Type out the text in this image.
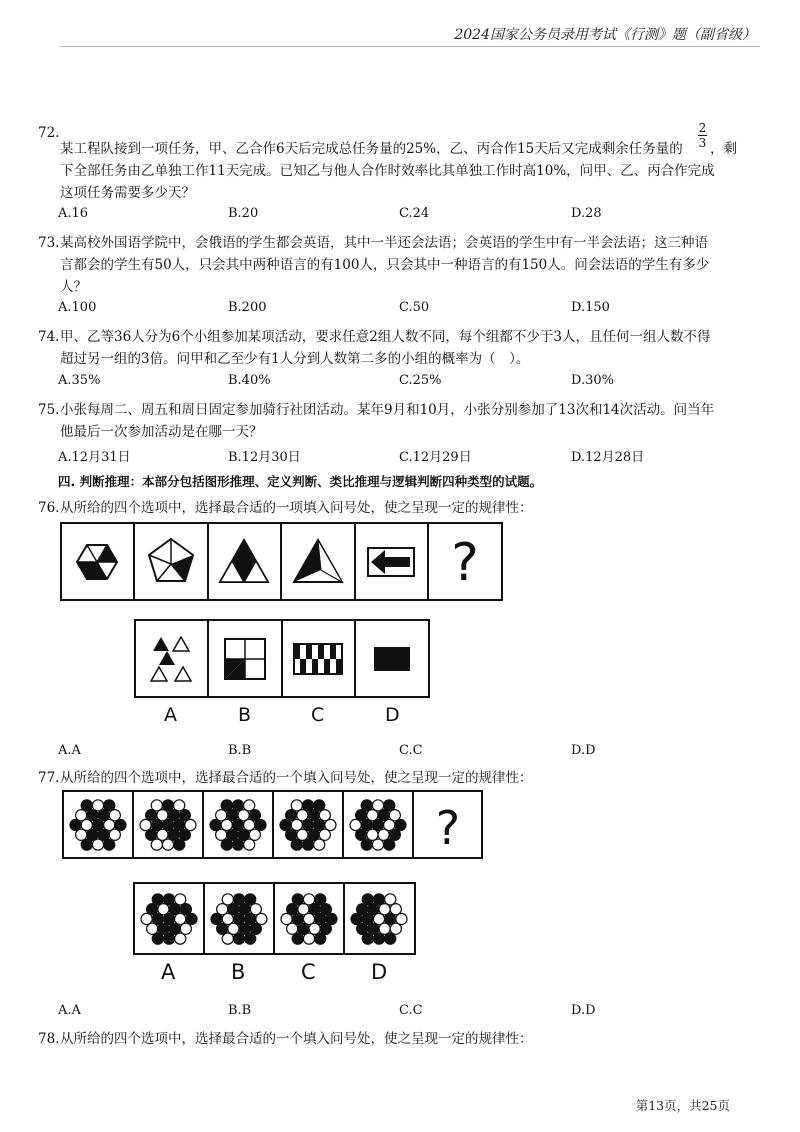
2024国家公务员录用考试《行测》题（副省级）
72.
某工程队接到一项任务，甲、乙合作6天后完成总任务量的25%，乙、丙合作15天后又完成剩余任务量的
2
3 ，剩
下全部任务由乙单独工作11天完成。已知乙与他人合作时效率比其单独工作时高10%，问甲、乙、丙合作完成
这项任务需要多少天？
A.16	B.20	C.24	D.28
73. 某高校外国语学院中，会俄语的学生都会英语，其中一半还会法语；会英语的学生中有一半会法语；这三种语
言都会的学生有50人，只会其中两种语言的有100人，只会其中一种语言的有150人。问会法语的学生有多少
人？
A.100	B.200	C.50	D.150
74. 甲、乙等36人分为6个小组参加某项活动，要求任意2组人数不同，每个组都不少于3人，且任何一组人数不得
超过另一组的3倍。问甲和乙至少有1人分到人数第二多的小组的概率为（　）。
A.35%	B.40%	C.25%	D.30%
75. 小张每周二、周五和周日固定参加骑行社团活动。某年9月和10月，小张分别参加了13次和14次活动。问当年
他最后一次参加活动是在哪一天？
A.12月31日	B.12月30日	C.12月29日	D.12月28日
四. 判断推理：本部分包括图形推理、定义判断、类比推理与逻辑判断四种类型的试题。
76. 从所给的四个选项中，选择最合适的一项填入问号处，使之呈现一定的规律性：
?
A	B	C	D
A.A	B.B	C.C	D.D
77. 从所给的四个选项中，选择最合适的一个填入问号处，使之呈现一定的规律性：
?
A	B	C	D
A.A	B.B	C.C	D.D
78. 从所给的四个选项中，选择最合适的一个填入问号处，使之呈现一定的规律性：
第13页，共25页
